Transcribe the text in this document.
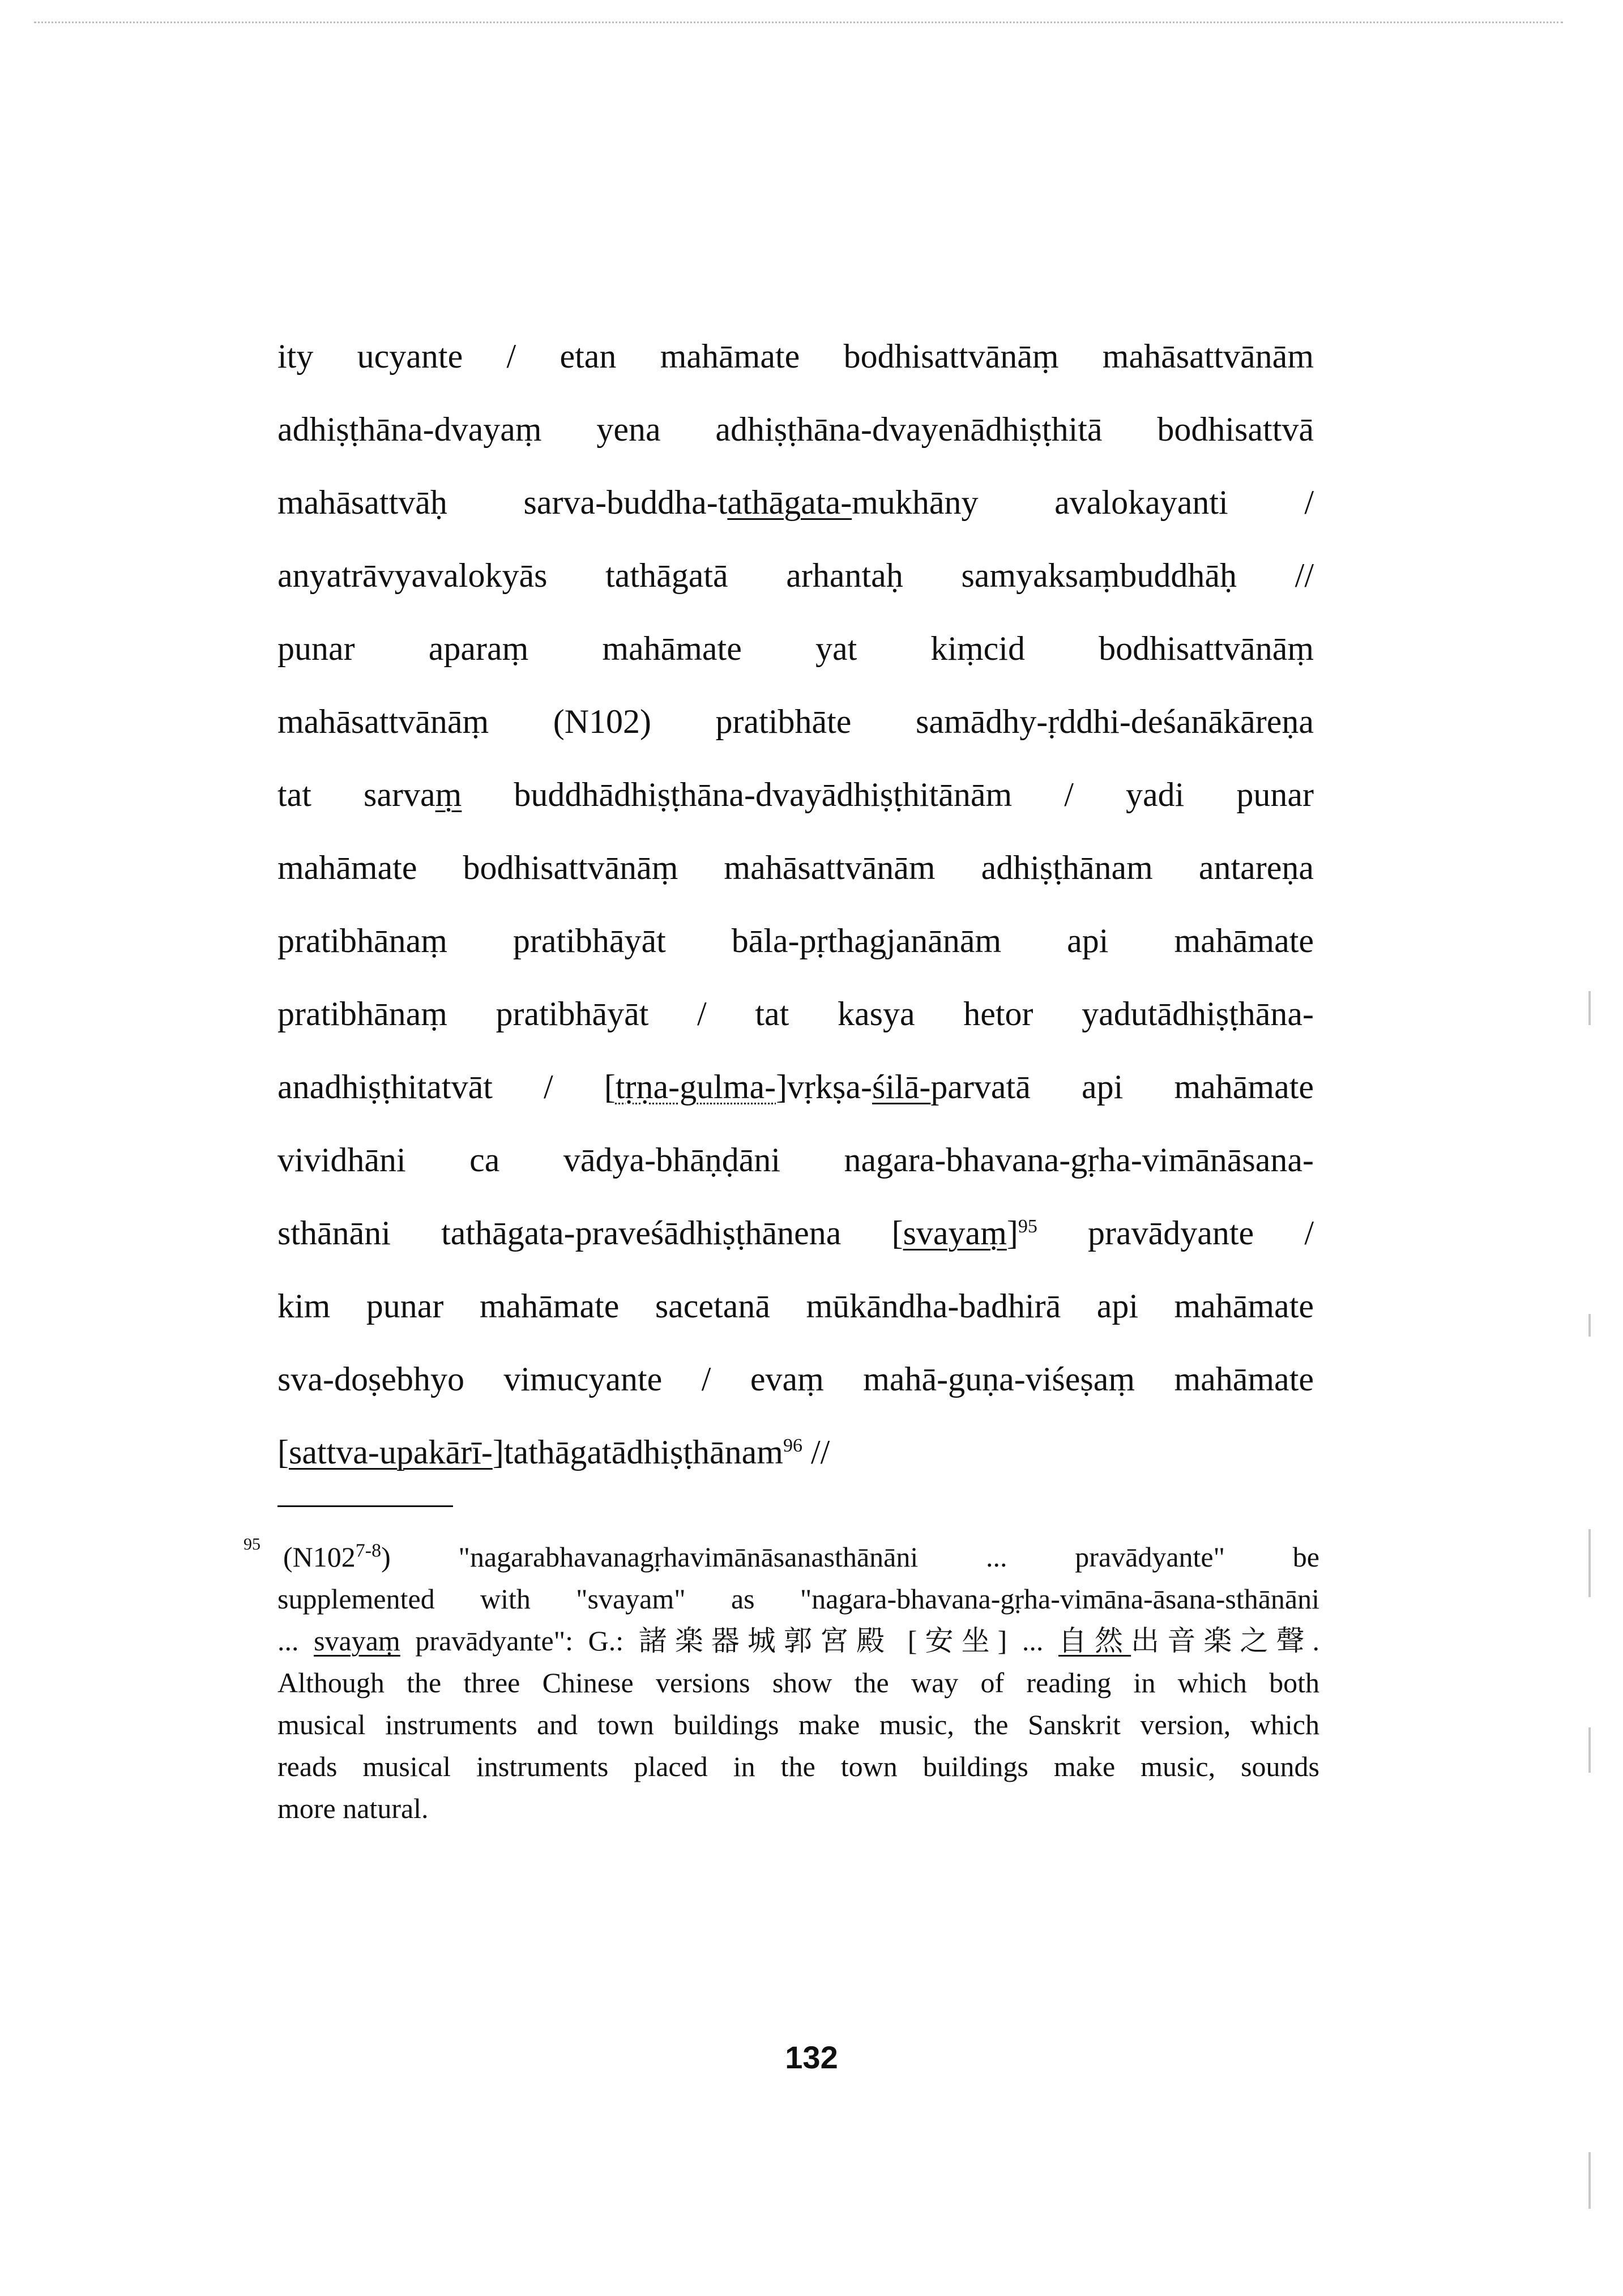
ity ucyante / etan mahāmate bodhisattvānāṃ mahāsattvānām
adhiṣṭhāna-dvayaṃ yena adhiṣṭhāna-dvayenādhiṣṭhitā bodhisattvā
mahāsattvāḥ sarva-buddha-tathāgata-mukhāny avalokayanti /
anyatrāvyavalokyās tathāgatā arhantaḥ samyaksaṃbuddhāḥ //
punar aparaṃ mahāmate yat kiṃcid bodhisattvānāṃ
mahāsattvānāṃ (N102) pratibhāte samādhy-ṛddhi-deśanākāreṇa
tat sarvaṃ buddhādhiṣṭhāna-dvayādhiṣṭhitānām / yadi punar
mahāmate bodhisattvānāṃ mahāsattvānām adhiṣṭhānam antareṇa
pratibhānaṃ pratibhāyāt bāla-pṛthagjanānām api mahāmate
pratibhānaṃ pratibhāyāt / tat kasya hetor yadutādhiṣṭhāna-
anadhiṣṭhitatvāt / [tṛṇa-gulma-]vṛkṣa-śilā-parvatā api mahāmate
vividhāni ca vādya-bhāṇḍāni nagara-bhavana-gṛha-vimānāsana-
sthānāni tathāgata-praveśādhiṣṭhānena [svayaṃ]$^{95}$ pravādyante /
kim punar mahāmate sacetanā mūkāndha-badhirā api mahāmate
sva-doṣebhyo vimucyante / evaṃ mahā-guṇa-viśeṣaṃ mahāmate
[sattva-upakārī-]tathāgatādhiṣṭhānam$^{96}$ //
$^{95}$ (N102$^{7-8}$) "nagarabhavanagṛhavimānāsanasthānāni ... pravādyante" be
supplemented with "svayam" as "nagara-bhavana-gṛha-vimāna-āsana-sthānāni
... svayaṃ pravādyante": G.: 諸楽器城郭宮殿 [安坐] ... 自然出音楽之聲.
Although the three Chinese versions show the way of reading in which both
musical instruments and town buildings make music, the Sanskrit version, which
reads musical instruments placed in the town buildings make music, sounds
more natural.
132
